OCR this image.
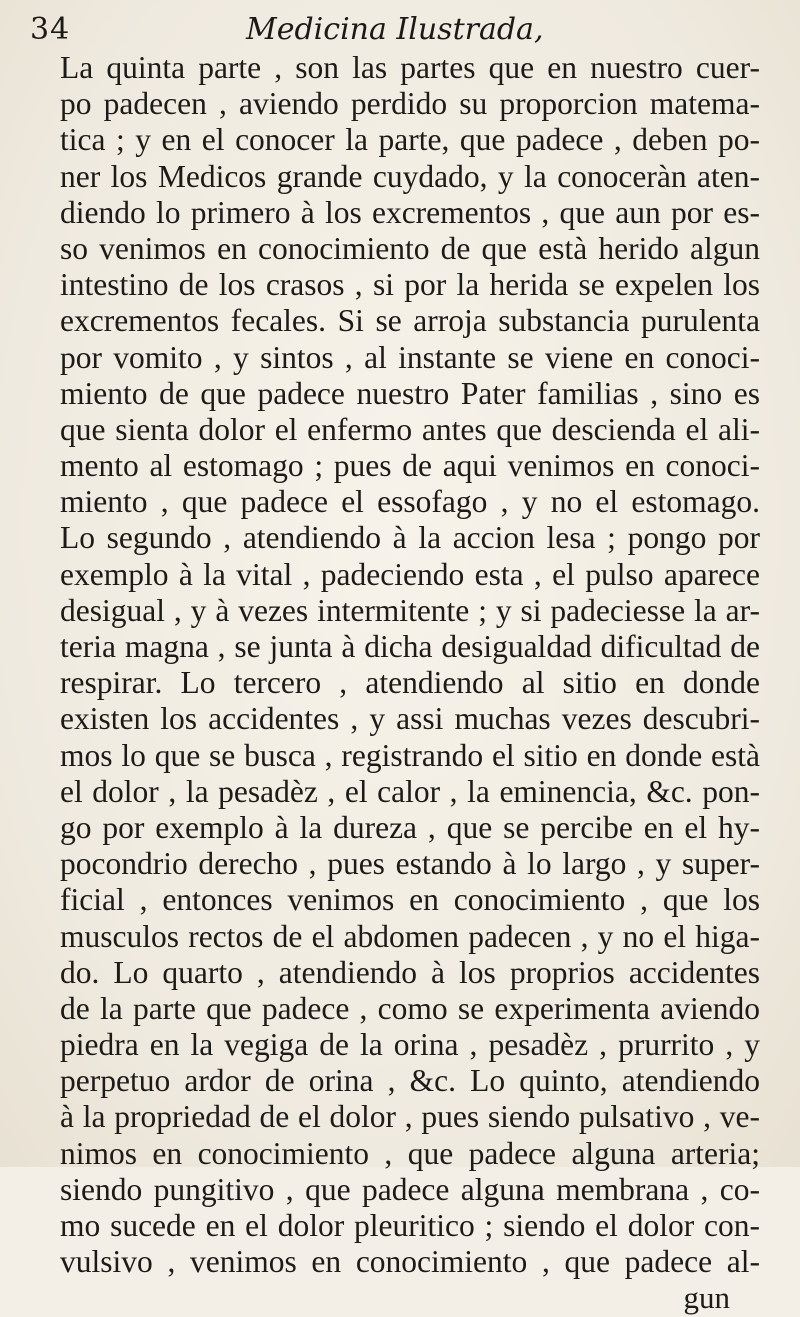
34	Medicina Ilustrada,
La quinta parte , son las partes que en nuestro cuer-
po padecen , aviendo perdido su proporcion matema-
tica ; y en el conocer la parte, que padece , deben po-
ner los Medicos grande cuydado, y la conoceràn aten-
diendo lo primero à los excrementos , que aun por es-
so venimos en conocimiento de que està herido algun
intestino de los crasos , si por la herida se expelen los
excrementos fecales. Si se arroja substancia purulenta
por vomito , y sintos , al instante se viene en conoci-
miento de que padece nuestro Pater familias , sino es
que sienta dolor el enfermo antes que descienda el ali-
mento al estomago ; pues de aqui venimos en conoci-
miento , que padece el essofago , y no el estomago.
Lo segundo , atendiendo à la accion lesa ; pongo por
exemplo à la vital , padeciendo esta , el pulso aparece
desigual , y à vezes intermitente ; y si padeciesse la ar-
teria magna , se junta à dicha desigualdad dificultad de
respirar. Lo tercero , atendiendo al sitio en donde
existen los accidentes , y assi muchas vezes descubri-
mos lo que se busca , registrando el sitio en donde està
el dolor , la pesadèz , el calor , la eminencia, &c. pon-
go por exemplo à la dureza , que se percibe en el hy-
pocondrio derecho , pues estando à lo largo , y super-
ficial , entonces venimos en conocimiento , que los
musculos rectos de el abdomen padecen , y no el higa-
do. Lo quarto , atendiendo à los proprios accidentes
de la parte que padece , como se experimenta aviendo
piedra en la vegiga de la orina , pesadèz , prurrito , y
perpetuo ardor de orina , &c. Lo quinto, atendiendo
à la propriedad de el dolor , pues siendo pulsativo , ve-
nimos en conocimiento , que padece alguna arteria;
siendo pungitivo , que padece alguna membrana , co-
mo sucede en el dolor pleuritico ; siendo el dolor con-
vulsivo , venimos en conocimiento , que padece al-
gun
